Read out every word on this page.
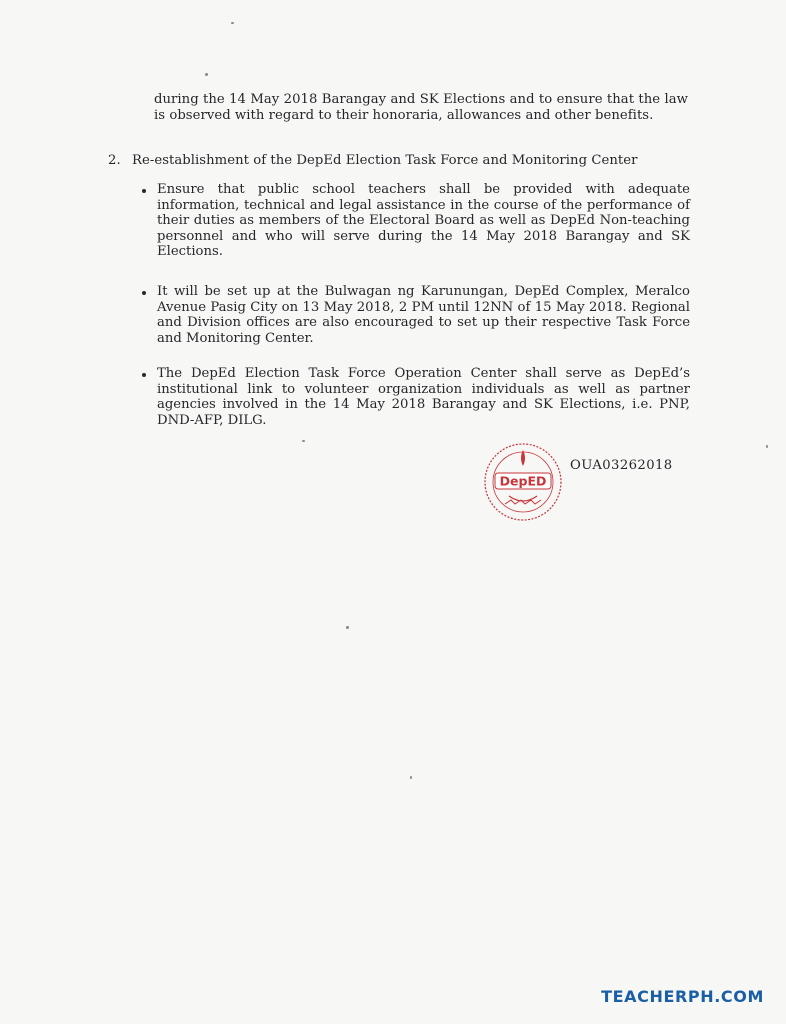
during the 14 May 2018 Barangay and SK Elections and to ensure that the law is observed with regard to their honoraria, allowances and other benefits.

2. Re-establishment of the DepEd Election Task Force and Monitoring Center
Ensure that public school teachers shall be provided with adequate information, technical and legal assistance in the course of the performance of their duties as members of the Electoral Board as well as DepEd Non-teaching personnel and who will serve during the 14 May 2018 Barangay and SK Elections.
It will be set up at the Bulwagan ng Karunungan, DepEd Complex, Meralco Avenue Pasig City on 13 May 2018, 2 PM until 12NN of 15 May 2018. Regional and Division offices are also encouraged to set up their respective Task Force and Monitoring Center.
The DepEd Election Task Force Operation Center shall serve as DepEd’s institutional link to volunteer organization individuals as well as partner agencies involved in the 14 May 2018 Barangay and SK Elections, i.e. PNP, DND-AFP, DILG.
DepED
OUA03262018
TEACHERPH.COM
